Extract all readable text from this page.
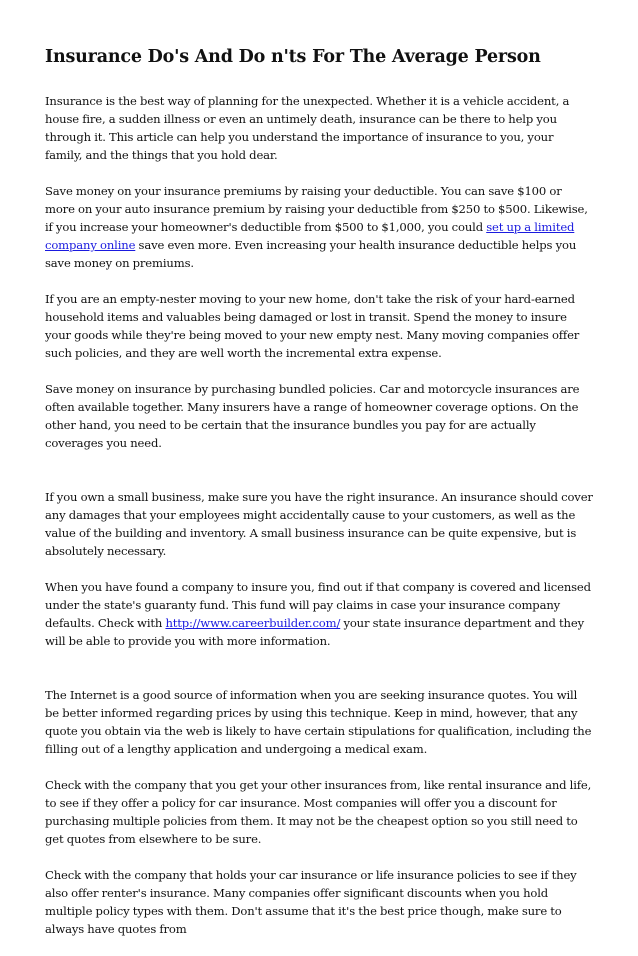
Insurance Do's And Do n'ts For The Average Person

Insurance is the best way of planning for the unexpected. Whether it is a vehicle accident, a house fire, a sudden illness or even an untimely death, insurance can be there to help you through it. This article can help you understand the importance of insurance to you, your family, and the things that you hold dear.

Save money on your insurance premiums by raising your deductible. You can save $100 or more on your auto insurance premium by raising your deductible from $250 to $500. Likewise, if you increase your homeowner's deductible from $500 to $1,000, you could set up a limited company online save even more. Even increasing your health insurance deductible helps you save money on premiums.

If you are an empty-nester moving to your new home, don't take the risk of your hard-earned household items and valuables being damaged or lost in transit. Spend the money to insure your goods while they're being moved to your new empty nest. Many moving companies offer such policies, and they are well worth the incremental extra expense.

Save money on insurance by purchasing bundled policies. Car and motorcycle insurances are often available together. Many insurers have a range of homeowner coverage options. On the other hand, you need to be certain that the insurance bundles you pay for are actually coverages you need.

If you own a small business, make sure you have the right insurance. An insurance should cover any damages that your employees might accidentally cause to your customers, as well as the value of the building and inventory. A small business insurance can be quite expensive, but is absolutely necessary.

When you have found a company to insure you, find out if that company is covered and licensed under the state's guaranty fund. This fund will pay claims in case your insurance company defaults. Check with http://www.careerbuilder.com/ your state insurance department and they will be able to provide you with more information.

The Internet is a good source of information when you are seeking insurance quotes. You will be better informed regarding prices by using this technique. Keep in mind, however, that any quote you obtain via the web is likely to have certain stipulations for qualification, including the filling out of a lengthy application and undergoing a medical exam.

Check with the company that you get your other insurances from, like rental insurance and life, to see if they offer a policy for car insurance. Most companies will offer you a discount for purchasing multiple policies from them. It may not be the cheapest option so you still need to get quotes from elsewhere to be sure.

Check with the company that holds your car insurance or life insurance policies to see if they also offer renter's insurance. Many companies offer significant discounts when you hold multiple policy types with them. Don't assume that it's the best price though, make sure to always have quotes from
